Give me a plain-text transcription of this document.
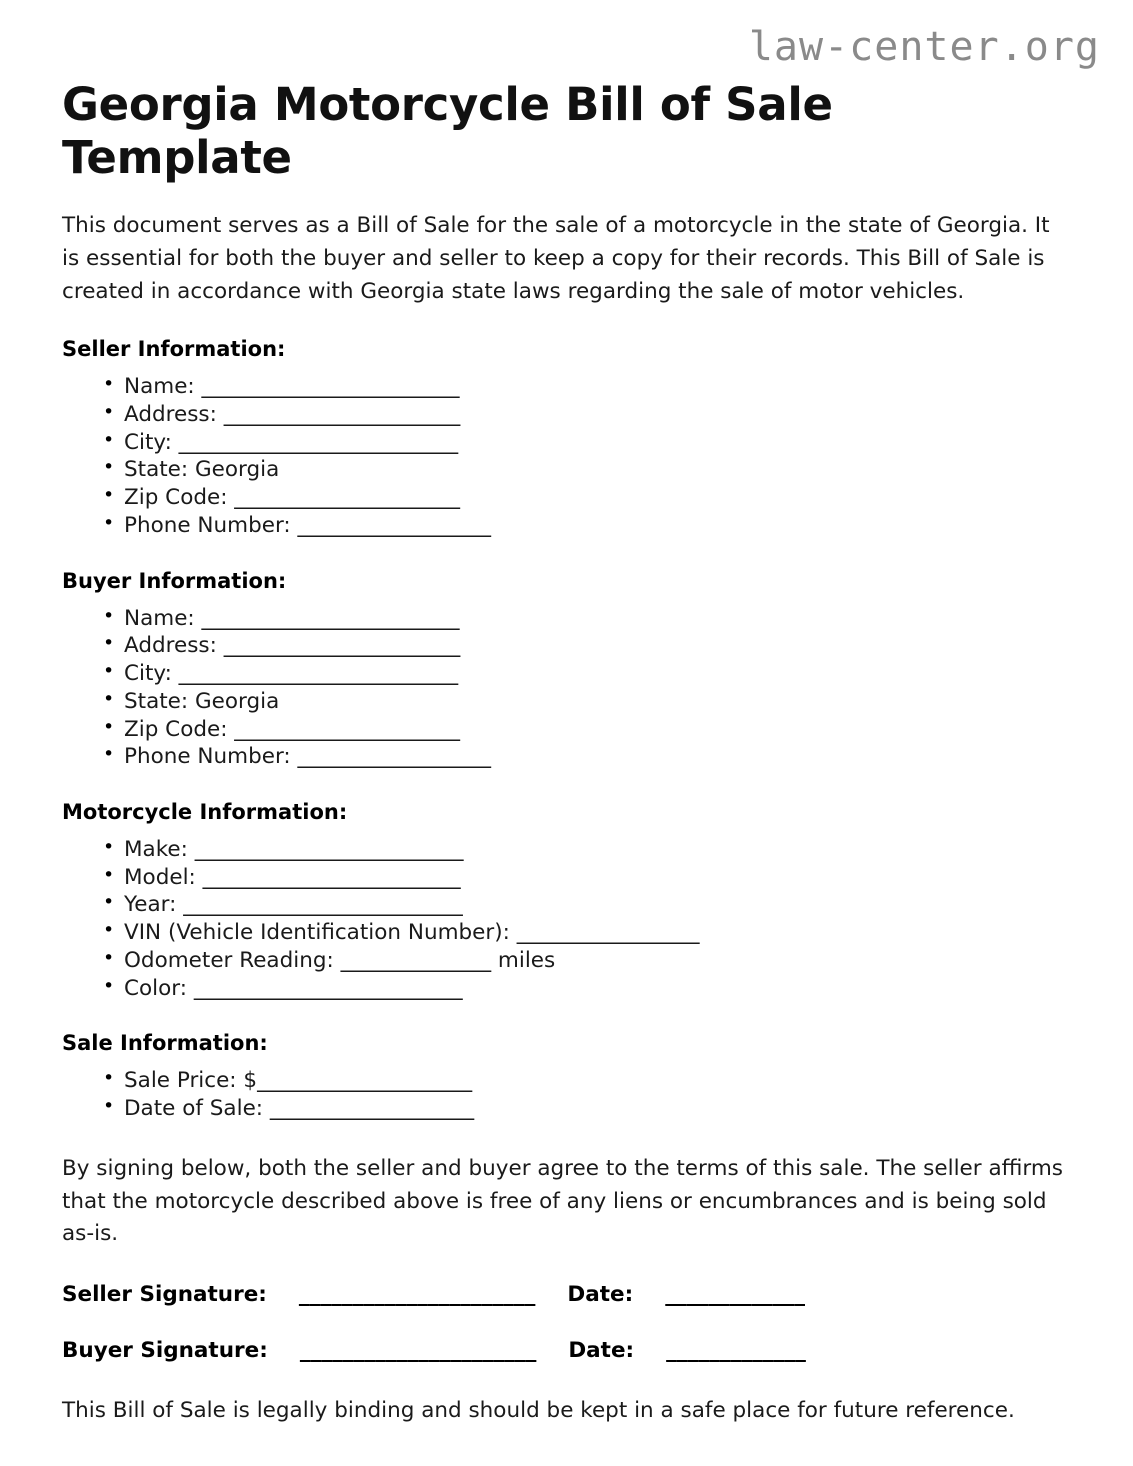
law-center.org
Georgia Motorcycle Bill of Sale Template

This document serves as a Bill of Sale for the sale of a motorcycle in the state of Georgia. It is essential for both the buyer and seller to keep a copy for their records. This Bill of Sale is created in accordance with Georgia state laws regarding the sale of motor vehicles.

Seller Information:
• Name: ________________________
• Address: ______________________
• City: __________________________
• State: Georgia
• Zip Code: _____________________
• Phone Number: __________________
Buyer Information:
• Name: ________________________
• Address: ______________________
• City: __________________________
• State: Georgia
• Zip Code: _____________________
• Phone Number: __________________
Motorcycle Information:
• Make: _________________________
• Model: ________________________
• Year: __________________________
• VIN (Vehicle Identification Number): _________________
• Odometer Reading: ______________ miles
• Color: _________________________
Sale Information:
• Sale Price: $____________________
• Date of Sale: ___________________

By signing below, both the seller and buyer agree to the terms of this sale. The seller affirms that the motorcycle described above is free of any liens or encumbrances and is being sold as-is.

Seller Signature: ______________________ Date: _____________
Buyer Signature: ______________________ Date: _____________

This Bill of Sale is legally binding and should be kept in a safe place for future reference.
